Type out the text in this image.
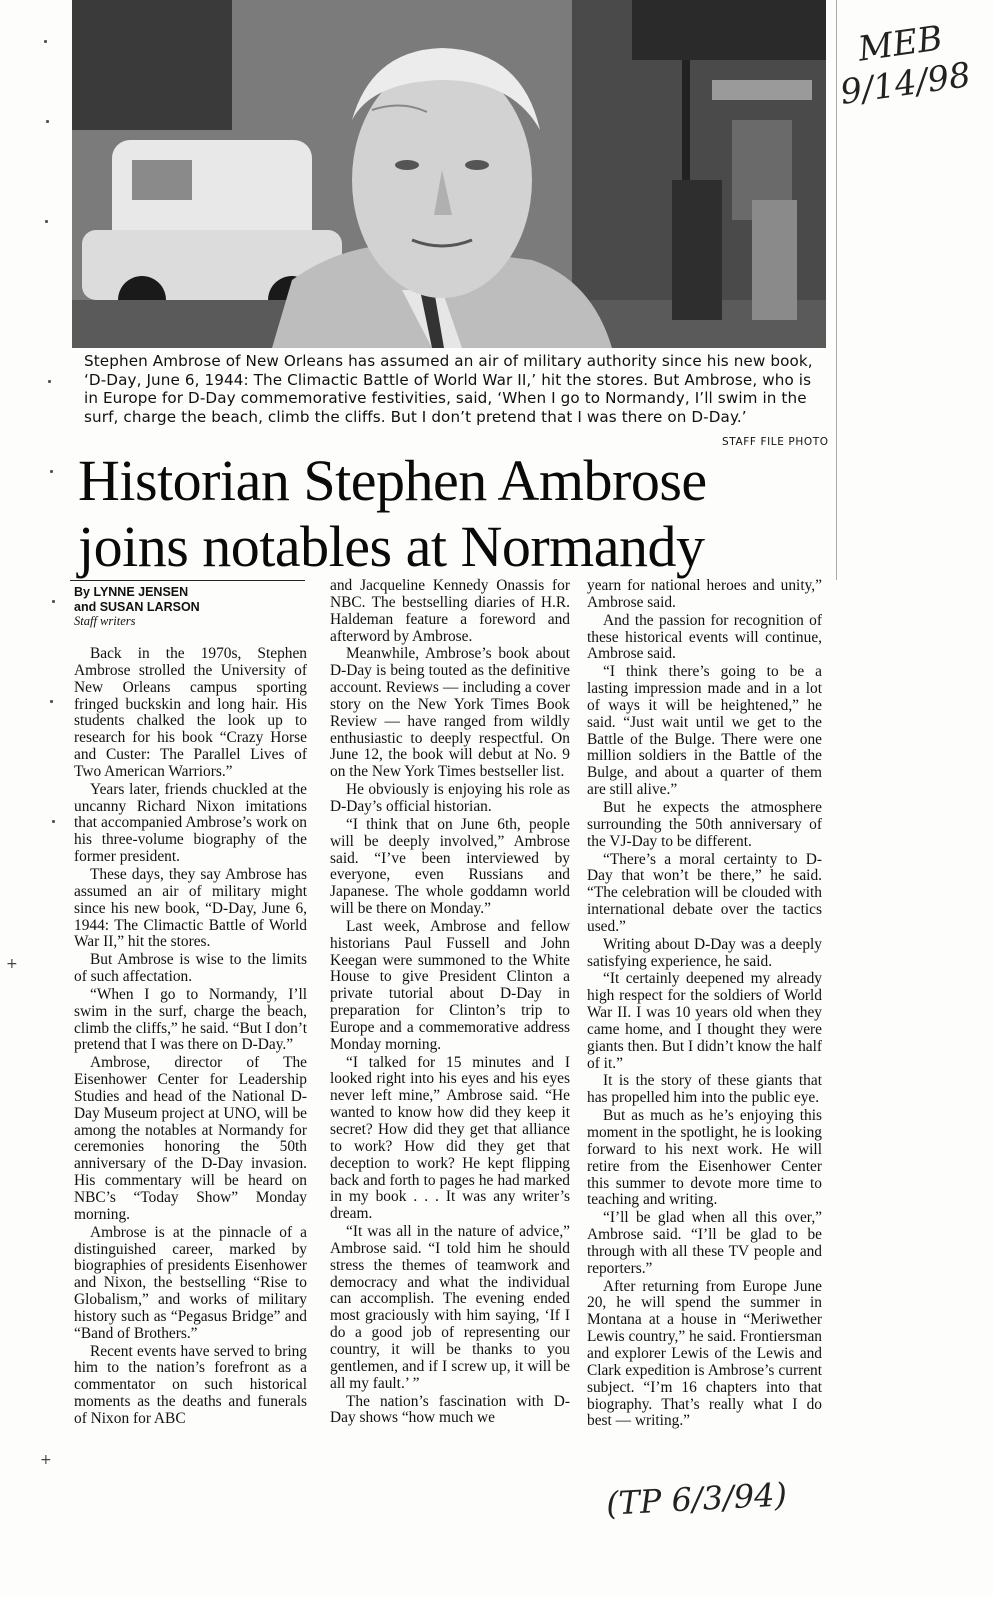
Stephen Ambrose of New Orleans has assumed an air of military authority since his new book, ‘D-Day, June 6, 1944: The Climactic Battle of World War II,’ hit the stores. But Ambrose, who is in Europe for D-Day commemorative festivities, said, ‘When I go to Normandy, I’ll swim in the surf, charge the beach, climb the cliffs. But I don’t pretend that I was there on D-Day.’
STAFF FILE PHOTO
Historian Stephen Ambrose
joins notables at Normandy
By LYNNE JENSEN
and SUSAN LARSON
Staff writers

Back in the 1970s, Stephen Ambrose strolled the University of New Orleans campus sporting fringed buckskin and long hair. His students chalked the look up to research for his book “Crazy Horse and Custer: The Parallel Lives of Two American Warriors.”

Years later, friends chuckled at the uncanny Richard Nixon imitations that accompanied Ambrose’s work on his three-volume biography of the former president.

These days, they say Ambrose has assumed an air of military might since his new book, “D-Day, June 6, 1944: The Climactic Battle of World War II,” hit the stores.

But Ambrose is wise to the limits of such affectation.

“When I go to Normandy, I’ll swim in the surf, charge the beach, climb the cliffs,” he said. “But I don’t pretend that I was there on D-Day.”

Ambrose, director of The Eisenhower Center for Leadership Studies and head of the National D-Day Museum project at UNO, will be among the notables at Normandy for ceremonies honoring the 50th anniversary of the D-Day invasion. His commentary will be heard on NBC’s “Today Show” Monday morning.

Ambrose is at the pinnacle of a distinguished career, marked by biographies of presidents Eisenhower and Nixon, the bestselling “Rise to Globalism,” and works of military history such as “Pegasus Bridge” and “Band of Brothers.”

Recent events have served to bring him to the nation’s forefront as a commentator on such historical moments as the deaths and funerals of Nixon for ABC

and Jacqueline Kennedy Onassis for NBC. The bestselling diaries of H.R. Haldeman feature a foreword and afterword by Ambrose.

Meanwhile, Ambrose’s book about D-Day is being touted as the definitive account. Reviews — including a cover story on the New York Times Book Review — have ranged from wildly enthusiastic to deeply respectful. On June 12, the book will debut at No. 9 on the New York Times bestseller list.

He obviously is enjoying his role as D-Day’s official historian.

“I think that on June 6th, people will be deeply involved,” Ambrose said. “I’ve been interviewed by everyone, even Russians and Japanese. The whole goddamn world will be there on Monday.”

Last week, Ambrose and fellow historians Paul Fussell and John Keegan were summoned to the White House to give President Clinton a private tutorial about D-Day in preparation for Clinton’s trip to Europe and a commemorative address Monday morning.

“I talked for 15 minutes and I looked right into his eyes and his eyes never left mine,” Ambrose said. “He wanted to know how did they keep it secret? How did they get that alliance to work? How did they get that deception to work? He kept flipping back and forth to pages he had marked in my book . . . It was any writer’s dream.

“It was all in the nature of advice,” Ambrose said. “I told him he should stress the themes of teamwork and democracy and what the individual can accomplish. The evening ended most graciously with him saying, ‘If I do a good job of representing our country, it will be thanks to you gentlemen, and if I screw up, it will be all my fault.’ ”

The nation’s fascination with D-Day shows “how much we

yearn for national heroes and unity,” Ambrose said.

And the passion for recognition of these historical events will continue, Ambrose said.

“I think there’s going to be a lasting impression made and in a lot of ways it will be heightened,” he said. “Just wait until we get to the Battle of the Bulge. There were one million soldiers in the Battle of the Bulge, and about a quarter of them are still alive.”

But he expects the atmosphere surrounding the 50th anniversary of the VJ-Day to be different.

“There’s a moral certainty to D-Day that won’t be there,” he said. “The celebration will be clouded with international debate over the tactics used.”

Writing about D-Day was a deeply satisfying experience, he said.

“It certainly deepened my already high respect for the soldiers of World War II. I was 10 years old when they came home, and I thought they were giants then. But I didn’t know the half of it.”

It is the story of these giants that has propelled him into the public eye.

But as much as he’s enjoying this moment in the spotlight, he is looking forward to his next work. He will retire from the Eisenhower Center this summer to devote more time to teaching and writing.

“I’ll be glad when all this over,” Ambrose said. “I’ll be glad to be through with all these TV people and reporters.”

After returning from Europe June 20, he will spend the summer in Montana at a house in “Meriwether Lewis country,” he said. Frontiersman and explorer Lewis of the Lewis and Clark expedition is Ambrose’s current subject. “I’m 16 chapters into that biography. That’s really what I do best — writing.”

MEB
9/14/98
(TP 6/3/94)
+
+
